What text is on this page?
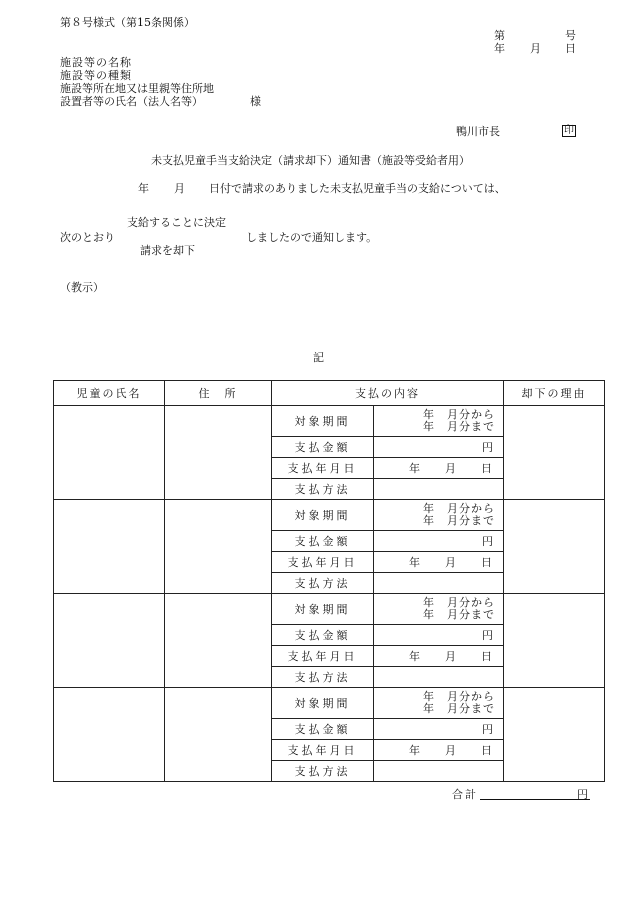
第８号様式（第15条関係）
第	号
年 月 日
施設等の名称
施設等の種類
施設等所在地又は里親等住所地
設置者等の氏名（法人名等）	様
鴨川市長	印
未支払児童手当支給決定（請求却下）通知書（施設等受給者用）
年 月 日付で請求のありました未支払児童手当の支給については、
支給することに決定
次のとおり	しましたので通知します。
請求を却下
（教示）
記
児童の氏名	住　所	支払の内容		却下の理由
		対象期間	年　月分から
年　月分まで	

		支払金額	円	
		支払年月日	年　　月　　日	
		支払方法		
		対象期間	年　月分から
年　月分まで	

		支払金額	円	
		支払年月日	年　　月　　日	
		支払方法		
		対象期間	年　月分から
年　月分まで	

		支払金額	円	
		支払年月日	年　　月　　日	
		支払方法		
		対象期間	年　月分から
年　月分まで	

		支払金額	円	
		支払年月日	年　　月　　日	
		支払方法		
合計	円
